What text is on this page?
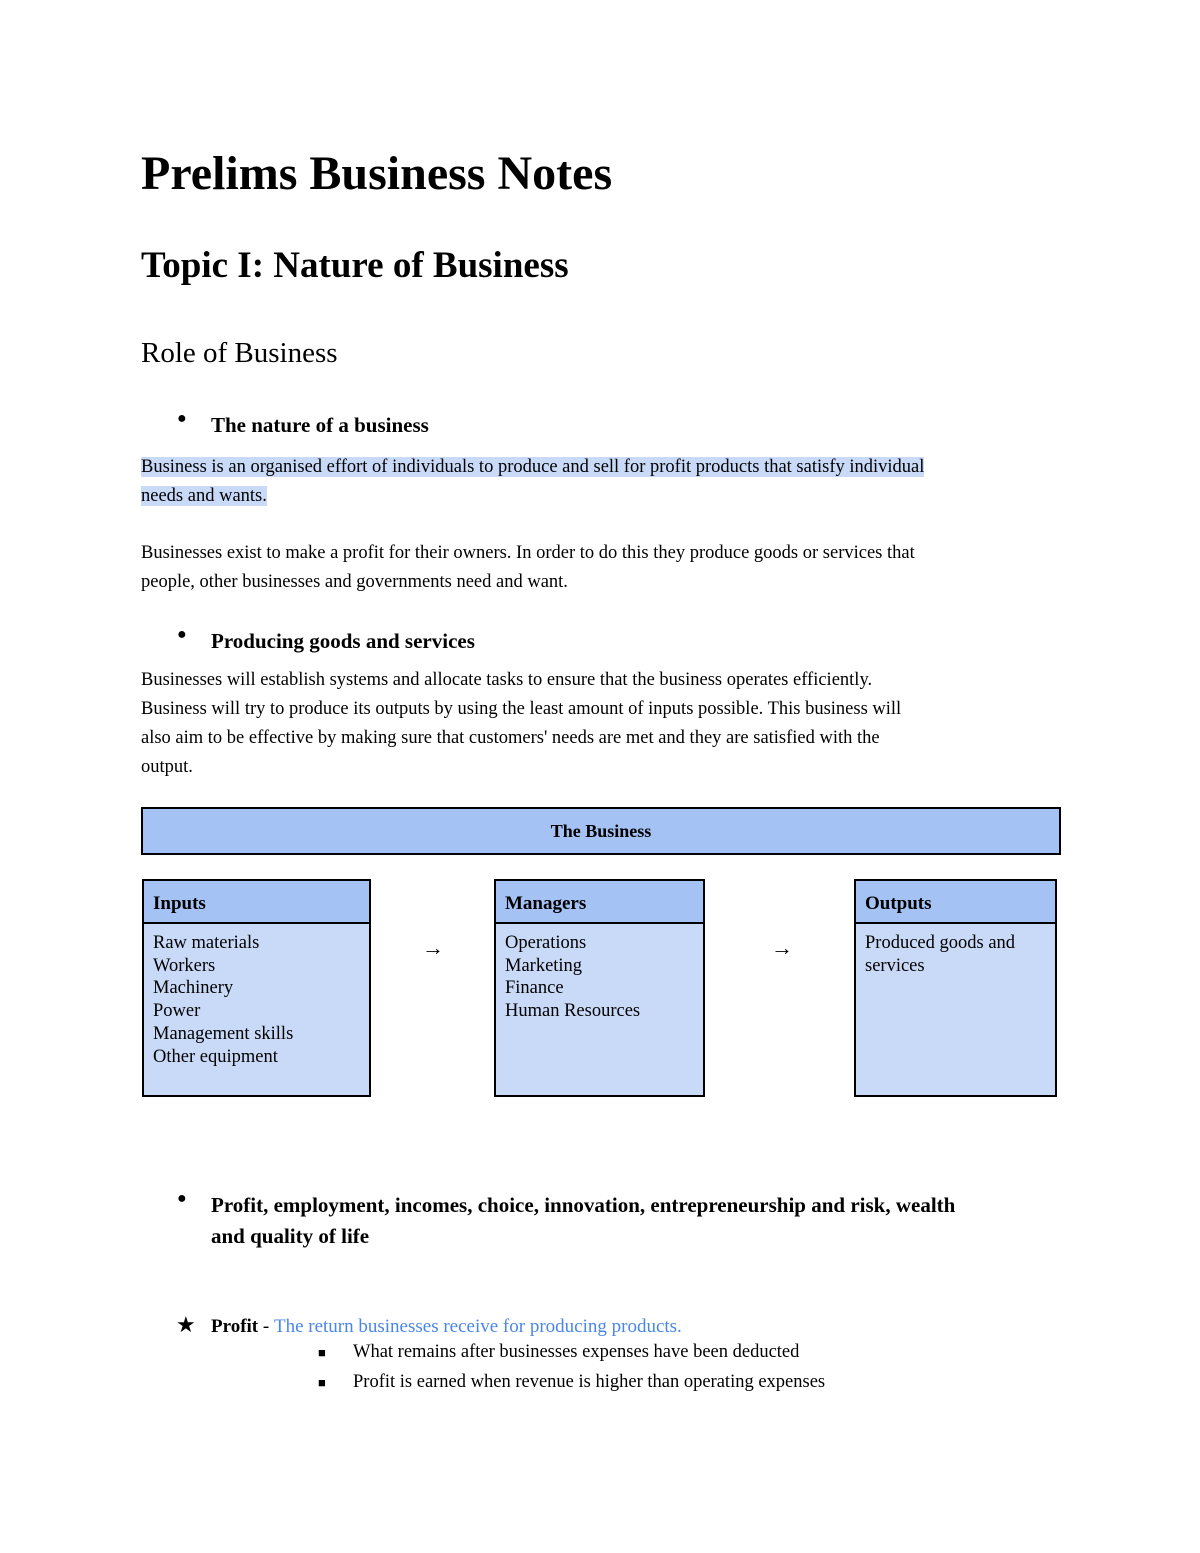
Prelims Business Notes
Topic I: Nature of Business
Role of Business
●	The nature of a business
Business is an organised effort of individuals to produce and sell for profit products that satisfy individual
needs and wants.
Businesses exist to make a profit for their owners. In order to do this they produce goods or services that
people, other businesses and governments need and want.
●	Producing goods and services
Businesses will establish systems and allocate tasks to ensure that the business operates efficiently.
Business will try to produce its outputs by using the least amount of inputs possible. This business will
also aim to be effective by making sure that customers' needs are met and they are satisfied with the
output.
The Business
Inputs
Raw materials
Workers
Machinery
Power
Management skills
Other equipment
→
Managers
Operations
Marketing
Finance
Human Resources
→
Outputs
Produced goods and
services
●	Profit, employment, incomes, choice, innovation, entrepreneurship and risk, wealth
and quality of life
★ Profit - The return businesses receive for producing products.
■	What remains after businesses expenses have been deducted
■	Profit is earned when revenue is higher than operating expenses
